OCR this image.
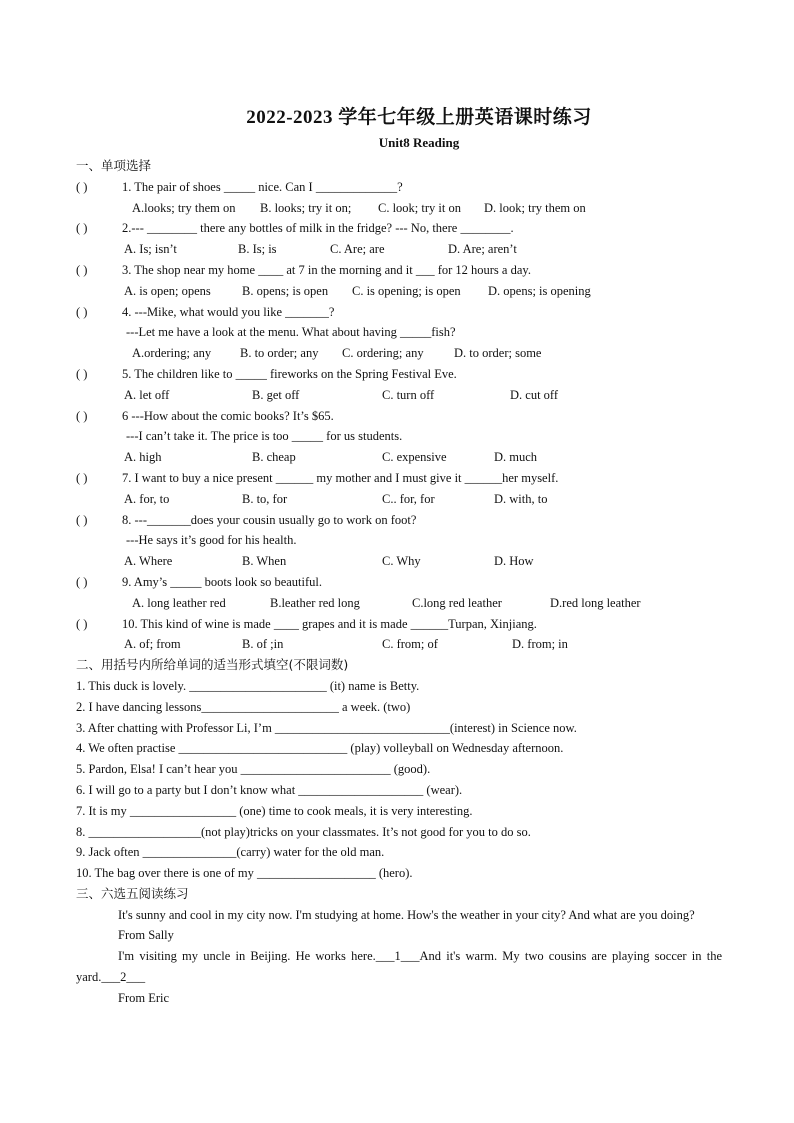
2022-2023 学年七年级上册英语课时练习
Unit8 Reading
一、单项选择
( )	1. The pair of shoes _____ nice. Can I _____________?
A.looks; try them on B. looks; try it on; C. look; try it on D. look; try them on
( )	2.--- ________ there any bottles of milk in the fridge? --- No, there ________.
A. Is; isn’t	B. Is; is	C. Are; are	D. Are; aren’t
( )	3. The shop near my home ____ at 7 in the morning and it ___ for 12 hours a day.
A. is open; opens B. opens; is open C. is opening; is open D. opens; is opening
( )	4. ---Mike, what would you like _______?
---Let me have a look at the menu. What about having _____fish?
A.ordering; any B. to order; any C. ordering; any D. to order; some
( )	5. The children like to _____ fireworks on the Spring Festival Eve.
A. let off	B. get off	C. turn off	D. cut off
( )	6 ---How about the comic books? It’s $65.
---I can’t take it. The price is too _____ for us students.
A. high	B. cheap	C. expensive	D. much
( )	7. I want to buy a nice present ______ my mother and I must give it ______her myself.
A. for, to	B. to, for	C.. for, for	D. with, to
( )	8. ---_______does your cousin usually go to work on foot?
---He says it’s good for his health.
A. Where	B. When	C. Why	D. How
( )	9. Amy’s _____ boots look so beautiful.
A. long leather red	B.leather red long	C.long red leather	D.red long leather
( )	10. This kind of wine is made ____ grapes and it is made ______Turpan, Xinjiang.
A. of; from	B. of ;in	C. from; of	D. from; in
二、用括号内所给单词的适当形式填空(不限词数)
1. This duck is lovely. ______________________ (it) name is Betty.
2. I have dancing lessons______________________ a week. (two)
3. After chatting with Professor Li, I’m ____________________________(interest) in Science now.
4. We often practise ___________________________ (play) volleyball on Wednesday afternoon.
5. Pardon, Elsa! I can’t hear you ________________________ (good).
6. I will go to a party but I don’t know what ____________________ (wear).
7. It is my _________________ (one) time to cook meals, it is very interesting.
8. __________________(not play)tricks on your classmates. It’s not good for you to do so.
9. Jack often _______________(carry) water for the old man.
10. The bag over there is one of my ___________________ (hero).
三、六选五阅读练习
It's sunny and cool in my city now. I'm studying at home. How's the weather in your city? And what are you doing?
From Sally
I'm visiting my uncle in Beijing. He works here.___1___And it's warm. My two cousins are playing soccer in the yard.___2___
From Eric
